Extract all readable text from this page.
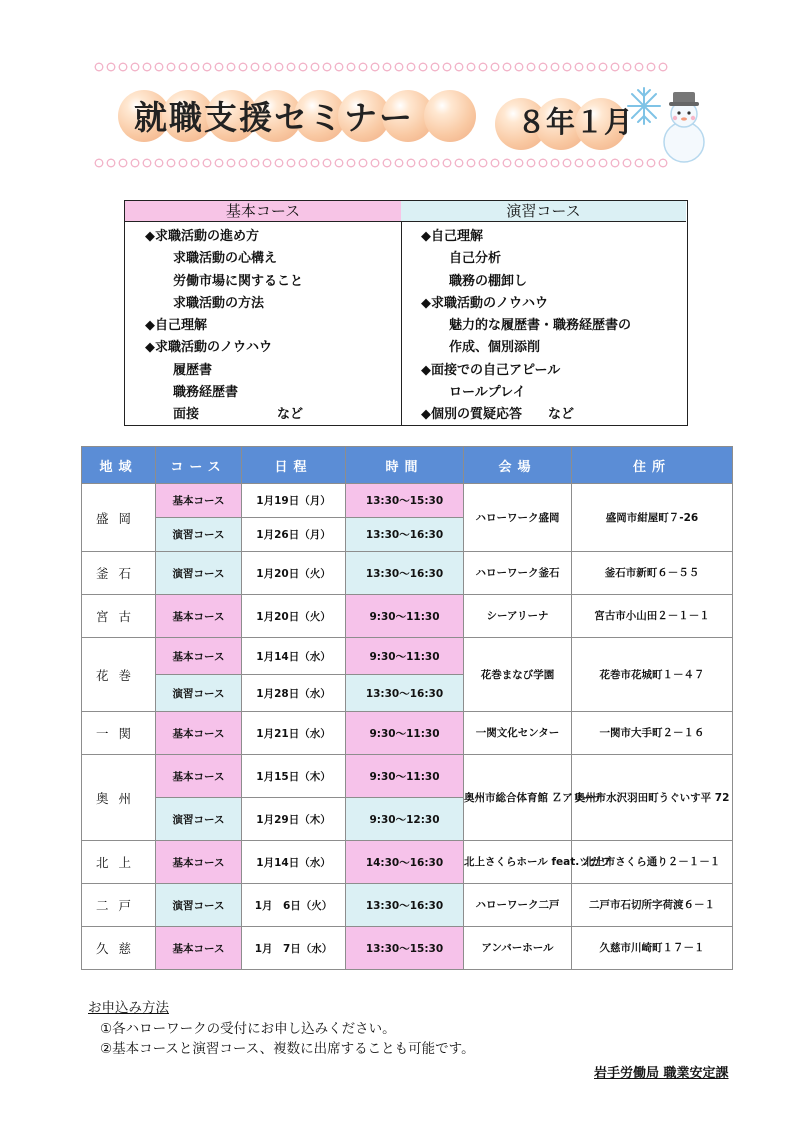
就職支援セミナー	８年１月
基本コース
◆求職活動の進め方
求職活動の心構え
労働市場に関すること
求職活動の方法
◆自己理解
◆求職活動のノウハウ
履歴書
職務経歴書
面接　　　　　　など
演習コース
◆自己理解
自己分析
職務の棚卸し
◆求職活動のノウハウ
魅力的な履歴書・職務経歴書の
作成、個別添削
◆面接での自己アピール
ロールプレイ
◆個別の質疑応答　　など
地域	コース	日程	時間	会場	住所
盛岡	基本コース	1月19日（月）	13:30～15:30	ハローワーク盛岡	盛岡市紺屋町７-26
	演習コース	1月26日（月）	13:30～16:30		
釜石	演習コース	1月20日（火）	13:30～16:30	ハローワーク釜石	釜石市新町６－５５
宮古	基本コース	1月20日（火）	9:30～11:30	シーアリーナ	宮古市小山田２－１－１
花巻	基本コース	1月14日（水）	9:30～11:30	花巻まなび学園	花巻市花城町１－４７
	演習コース	1月28日（水）	13:30～16:30		
一関	基本コース	1月21日（水）	9:30～11:30	一関文化センター	一関市大手町２－１６
奥州	基本コース	1月15日（木）	9:30～11:30	奥州市総合体育館 Ｚアリーナ	奥州市水沢羽田町うぐいす平 72
	演習コース	1月29日（木）	9:30～12:30		
北上	基本コース	1月14日（水）	14:30～16:30	北上さくらホール feat.ツガワ	北上市さくら通り２－１－１
二戸	演習コース	1月　6日（火）	13:30～16:30	ハローワーク二戸	二戸市石切所字荷渡６－１
久慈	基本コース	1月　7日（水）	13:30～15:30	アンバーホール	久慈市川崎町１７－１
お申込み方法
①各ハローワークの受付にお申し込みください。
②基本コースと演習コース、複数に出席することも可能です。
岩手労働局 職業安定課
